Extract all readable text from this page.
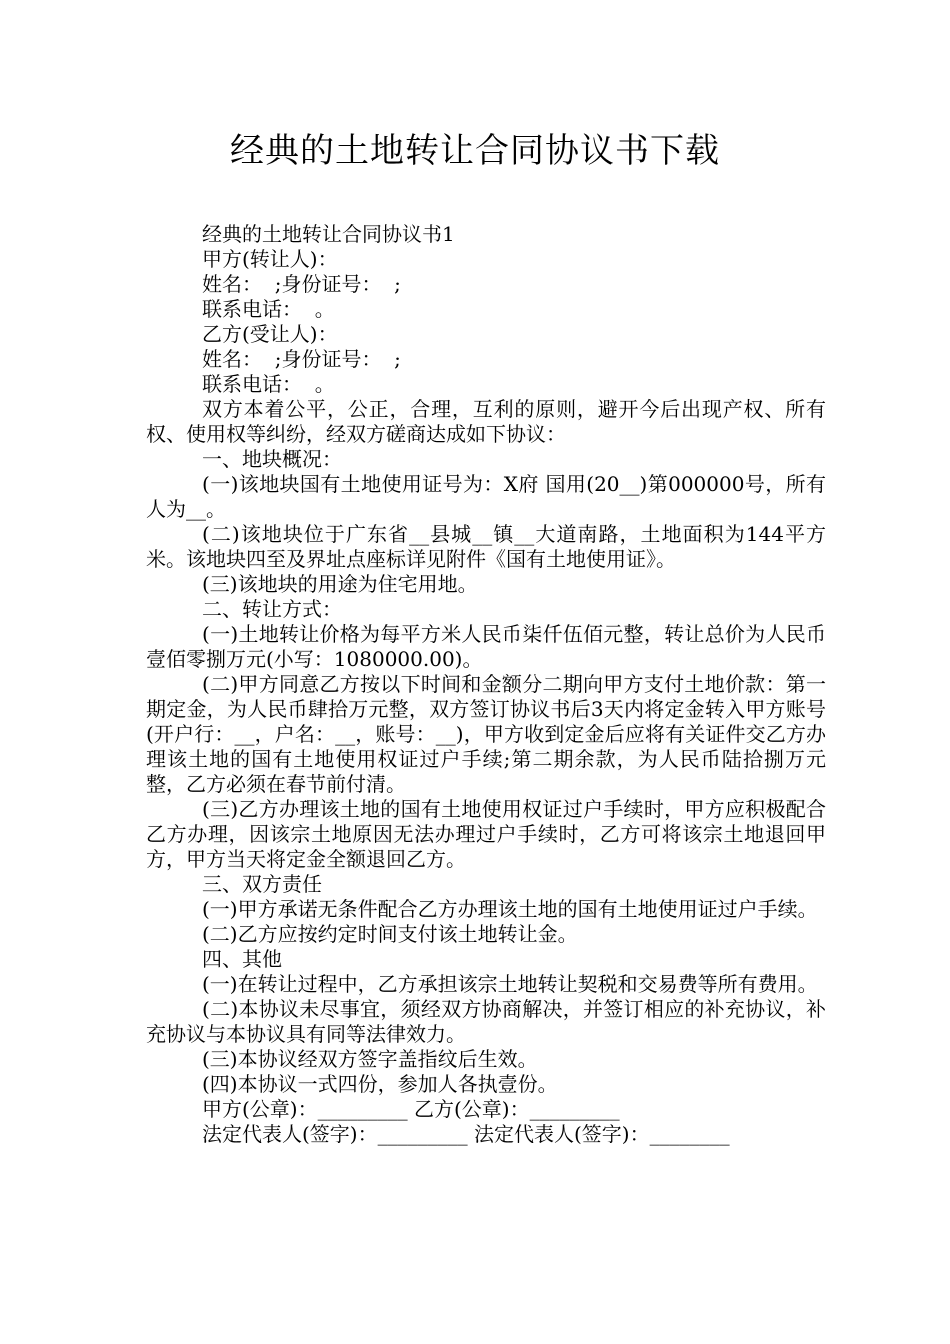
经典的土地转让合同协议书下载

经典的土地转让合同协议书1

甲方(转让人)：

姓名：  ;身份证号：  ;

联系电话：  。

乙方(受让人)：

姓名：  ;身份证号：  ;

联系电话：  。

双方本着公平，公正，合理，互利的原则，避开今后出现产权、所有权、使用权等纠纷，经双方磋商达成如下协议：

一、地块概况：

(一)该地块国有土地使用证号为：X府 国用(20__)第000000号，所有人为__。

(二)该地块位于广东省__县城__镇__大道南路，土地面积为144平方米。该地块四至及界址点座标详见附件《国有土地使用证》。

(三)该地块的用途为住宅用地。

二、转让方式：

(一)土地转让价格为每平方米人民币柒仟伍佰元整，转让总价为人民币壹佰零捌万元(小写：1080000.00)。

(二)甲方同意乙方按以下时间和金额分二期向甲方支付土地价款：第一期定金，为人民币肆拾万元整，双方签订协议书后3天内将定金转入甲方账号(开户行：__，户名：__，账号：__)，甲方收到定金后应将有关证件交乙方办理该土地的国有土地使用权证过户手续;第二期余款，为人民币陆拾捌万元整，乙方必须在春节前付清。

(三)乙方办理该土地的国有土地使用权证过户手续时，甲方应积极配合乙方办理，因该宗土地原因无法办理过户手续时，乙方可将该宗土地退回甲方，甲方当天将定金全额退回乙方。

三、双方责任

(一)甲方承诺无条件配合乙方办理该土地的国有土地使用证过户手续。

(二)乙方应按约定时间支付该土地转让金。

四、其他

(一)在转让过程中，乙方承担该宗土地转让契税和交易费等所有费用。

(二)本协议未尽事宜，须经双方协商解决，并签订相应的补充协议，补充协议与本协议具有同等法律效力。

(三)本协议经双方签字盖指纹后生效。

(四)本协议一式四份，参加人各执壹份。

甲方(公章)：_________ 乙方(公章)：_________

法定代表人(签字)：_________ 法定代表人(签字)：________
